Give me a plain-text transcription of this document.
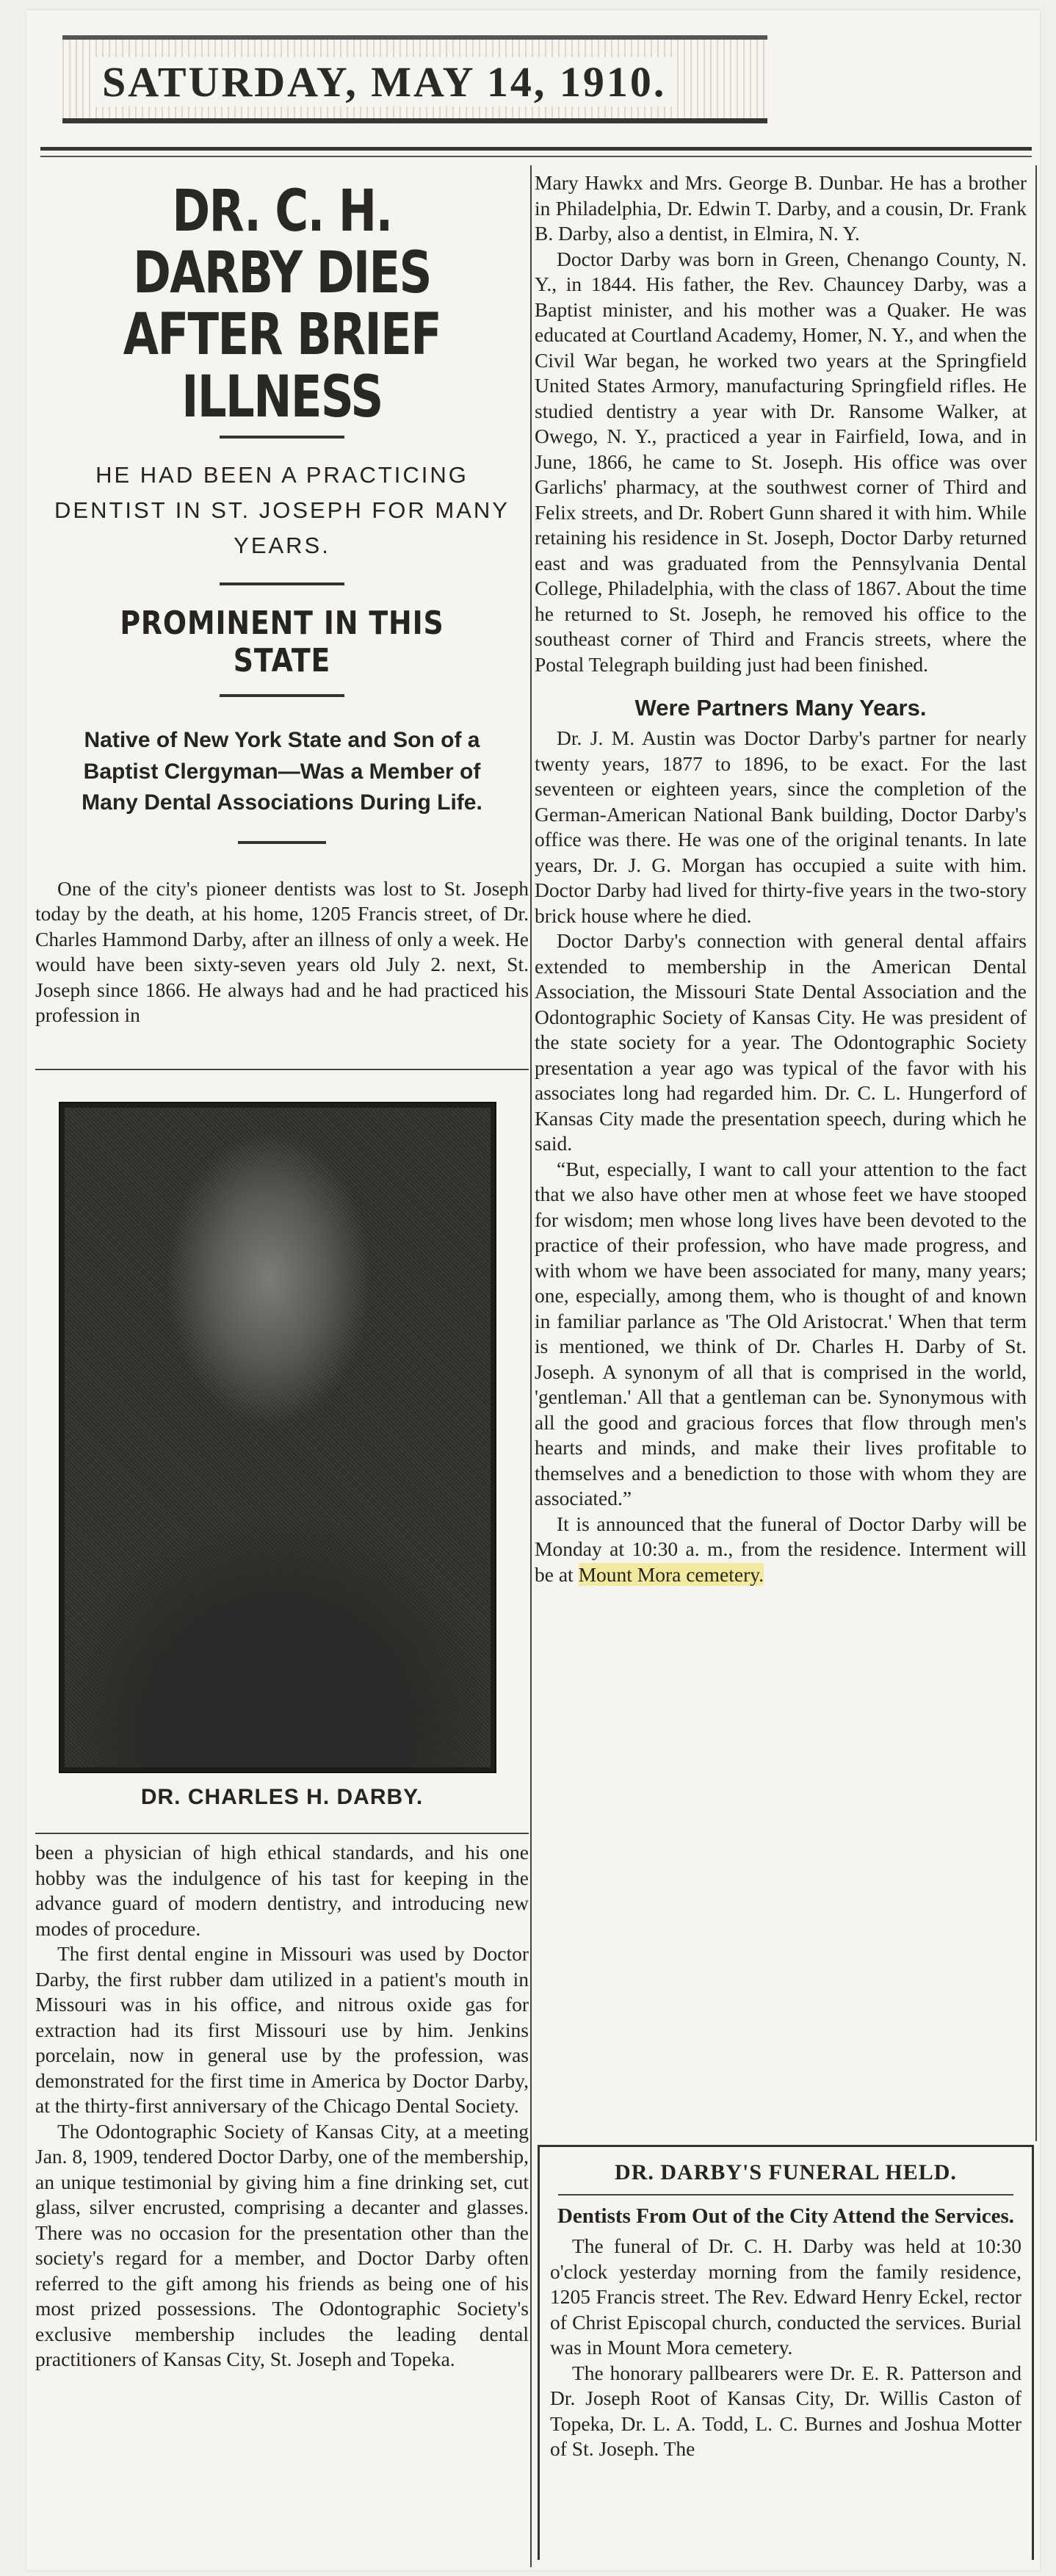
SATURDAY, MAY 14, 1910.
DR. C. H. DARBY DIES
AFTER BRIEF ILLNESS
HE HAD BEEN A PRACTICING DENTIST IN ST. JOSEPH FOR MANY YEARS.
PROMINENT IN THIS STATE
Native of New York State and Son of a Baptist Clergyman—Was a Member of Many Dental Associations During Life.

One of the city's pioneer dentists was lost to St. Joseph today by the death, at his home, 1205 Francis street, of Dr. Charles Hammond Darby, after an illness of only a week. He would have been sixty-seven years old July 2. next, St. Joseph since 1866. He always had and he had practiced his profession in

DR. CHARLES H. DARBY.

been a physician of high ethical standards, and his one hobby was the indulgence of his tast for keeping in the advance guard of modern dentistry, and introducing new modes of procedure.

The first dental engine in Missouri was used by Doctor Darby, the first rubber dam utilized in a patient's mouth in Missouri was in his office, and nitrous oxide gas for extraction had its first Missouri use by him. Jenkins porcelain, now in general use by the profession, was demonstrated for the first time in America by Doctor Darby, at the thirty-first anniversary of the Chicago Dental Society.

The Odontographic Society of Kansas City, at a meeting Jan. 8, 1909, tendered Doctor Darby, one of the membership, an unique testimonial by giving him a fine drinking set, cut glass, silver encrusted, comprising a decanter and glasses. There was no occasion for the presentation other than the society's regard for a member, and Doctor Darby often referred to the gift among his friends as being one of his most prized possessions. The Odontographic Society's exclusive membership includes the leading dental practitioners of Kansas City, St. Joseph and Topeka.

Mary Hawkx and Mrs. George B. Dunbar. He has a brother in Philadelphia, Dr. Edwin T. Darby, and a cousin, Dr. Frank B. Darby, also a dentist, in Elmira, N. Y.

Doctor Darby was born in Green, Chenango County, N. Y., in 1844. His father, the Rev. Chauncey Darby, was a Baptist minister, and his mother was a Quaker. He was educated at Courtland Academy, Homer, N. Y., and when the Civil War began, he worked two years at the Springfield United States Armory, manufacturing Springfield rifles. He studied dentistry a year with Dr. Ransome Walker, at Owego, N. Y., practiced a year in Fairfield, Iowa, and in June, 1866, he came to St. Joseph. His office was over Garlichs' pharmacy, at the southwest corner of Third and Felix streets, and Dr. Robert Gunn shared it with him. While retaining his residence in St. Joseph, Doctor Darby returned east and was graduated from the Pennsylvania Dental College, Philadelphia, with the class of 1867. About the time he returned to St. Joseph, he removed his office to the southeast corner of Third and Francis streets, where the Postal Telegraph building just had been finished.

Were Partners Many Years.

Dr. J. M. Austin was Doctor Darby's partner for nearly twenty years, 1877 to 1896, to be exact. For the last seventeen or eighteen years, since the completion of the German-American National Bank building, Doctor Darby's office was there. He was one of the original tenants. In late years, Dr. J. G. Morgan has occupied a suite with him. Doctor Darby had lived for thirty-five years in the two-story brick house where he died.

Doctor Darby's connection with general dental affairs extended to membership in the American Dental Association, the Missouri State Dental Association and the Odontographic Society of Kansas City. He was president of the state society for a year. The Odontographic Society presentation a year ago was typical of the favor with his associates long had regarded him. Dr. C. L. Hungerford of Kansas City made the presentation speech, during which he said.

“But, especially, I want to call your attention to the fact that we also have other men at whose feet we have stooped for wisdom; men whose long lives have been devoted to the practice of their profession, who have made progress, and with whom we have been associated for many, many years; one, especially, among them, who is thought of and known in familiar parlance as 'The Old Aristocrat.' When that term is mentioned, we think of Dr. Charles H. Darby of St. Joseph. A synonym of all that is comprised in the world, 'gentleman.' All that a gentleman can be. Synonymous with all the good and gracious forces that flow through men's hearts and minds, and make their lives profitable to themselves and a benediction to those with whom they are associated.”

It is announced that the funeral of Doctor Darby will be Monday at 10:30 a. m., from the residence. Interment will be at Mount Mora cemetery.

DR. DARBY'S FUNERAL HELD.
Dentists From Out of the City Attend the Services.

The funeral of Dr. C. H. Darby was held at 10:30 o'clock yesterday morning from the family residence, 1205 Francis street. The Rev. Edward Henry Eckel, rector of Christ Episcopal church, conducted the services. Burial was in Mount Mora cemetery.

The honorary pallbearers were Dr. E. R. Patterson and Dr. Joseph Root of Kansas City, Dr. Willis Caston of Topeka, Dr. L. A. Todd, L. C. Burnes and Joshua Motter of St. Joseph. The
